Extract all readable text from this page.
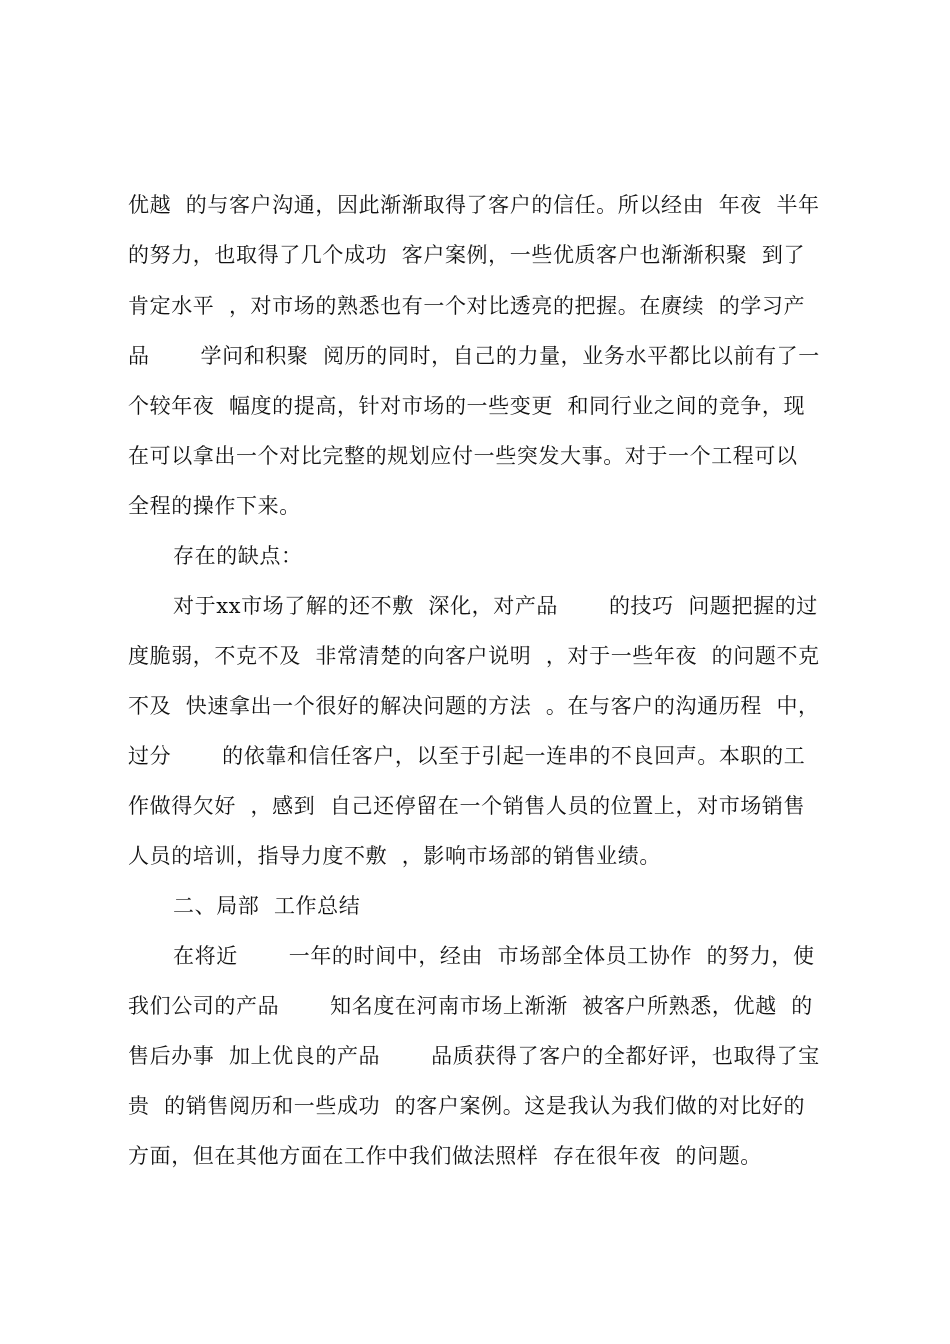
优越  的与客户沟通，因此渐渐取得了客户的信任。所以经由  年夜  半年
的努力，也取得了几个成功  客户案例，一些优质客户也渐渐积聚  到了
肯定水平  ，对市场的熟悉也有一个对比透亮的把握。在赓续  的学习产
品       学问和积聚  阅历的同时，自己的力量，业务水平都比以前有了一
个较年夜  幅度的提高，针对市场的一些变更  和同行业之间的竞争，现
在可以拿出一个对比完整的规划应付一些突发大事。对于一个工程可以
全程的操作下来。
存在的缺点：
对于xx市场了解的还不敷  深化，对产品       的技巧  问题把握的过
度脆弱，不克不及  非常清楚的向客户说明  ，对于一些年夜  的问题不克
不及  快速拿出一个很好的解决问题的方法  。在与客户的沟通历程  中，
过分       的依靠和信任客户，以至于引起一连串的不良回声。本职的工
作做得欠好  ，感到  自己还停留在一个销售人员的位置上，对市场销售
人员的培训，指导力度不敷  ，影响市场部的销售业绩。
二、局部  工作总结
在将近       一年的时间中，经由  市场部全体员工协作  的努力，使
我们公司的产品       知名度在河南市场上渐渐  被客户所熟悉，优越  的
售后办事  加上优良的产品       品质获得了客户的全都好评，也取得了宝
贵  的销售阅历和一些成功  的客户案例。这是我认为我们做的对比好的
方面，但在其他方面在工作中我们做法照样  存在很年夜  的问题。
